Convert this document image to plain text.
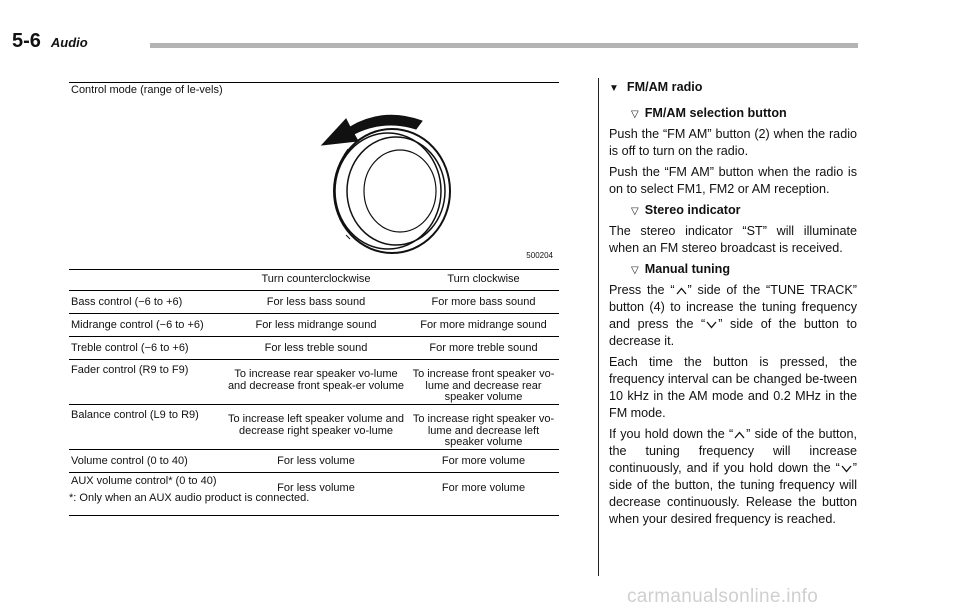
5-6 Audio
Control mode (range of le-vels)	500204	

	Turn counterclockwise	Turn clockwise
Bass control (−6 to +6)	For less bass sound	For more bass sound
Midrange control (−6 to +6)	For less midrange sound	For more midrange sound
Treble control (−6 to +6)	For less treble sound	For more treble sound
Fader control (R9 to F9)	To increase rear speaker vo-lume and decrease front speak-er volume	To increase front speaker vo-lume and decrease rear speaker volume
Balance control (L9 to R9)	To increase left speaker volume and decrease right speaker vo-lume	To increase right speaker vo-lume and decrease left speaker volume
Volume control (0 to 40)	For less volume	For more volume
AUX volume control* (0 to 40)	For less volume	For more volume
*: Only when an AUX audio product is connected.
▼ FM/AM radio
▽ FM/AM selection button

Push the “FM AM” button (2) when the radio is off to turn on the radio.

Push the “FM AM” button when the radio is on to select FM1, FM2 or AM reception.

▽ Stereo indicator

The stereo indicator “ST” will illuminate when an FM stereo broadcast is received.

▽ Manual tuning

Press the “ ” side of the “TUNE TRACK” button (4) to increase the tuning frequency and press the “ ” side of the button to decrease it.

Each time the button is pressed, the frequency interval can be changed be-tween 10 kHz in the AM mode and 0.2 MHz in the FM mode.

If you hold down the “ ” side of the button, the tuning frequency will increase continuously, and if you hold down the “ ” side of the button, the tuning frequency will decrease continuously. Release the button when your desired frequency is reached.

carmanualsonline.info
